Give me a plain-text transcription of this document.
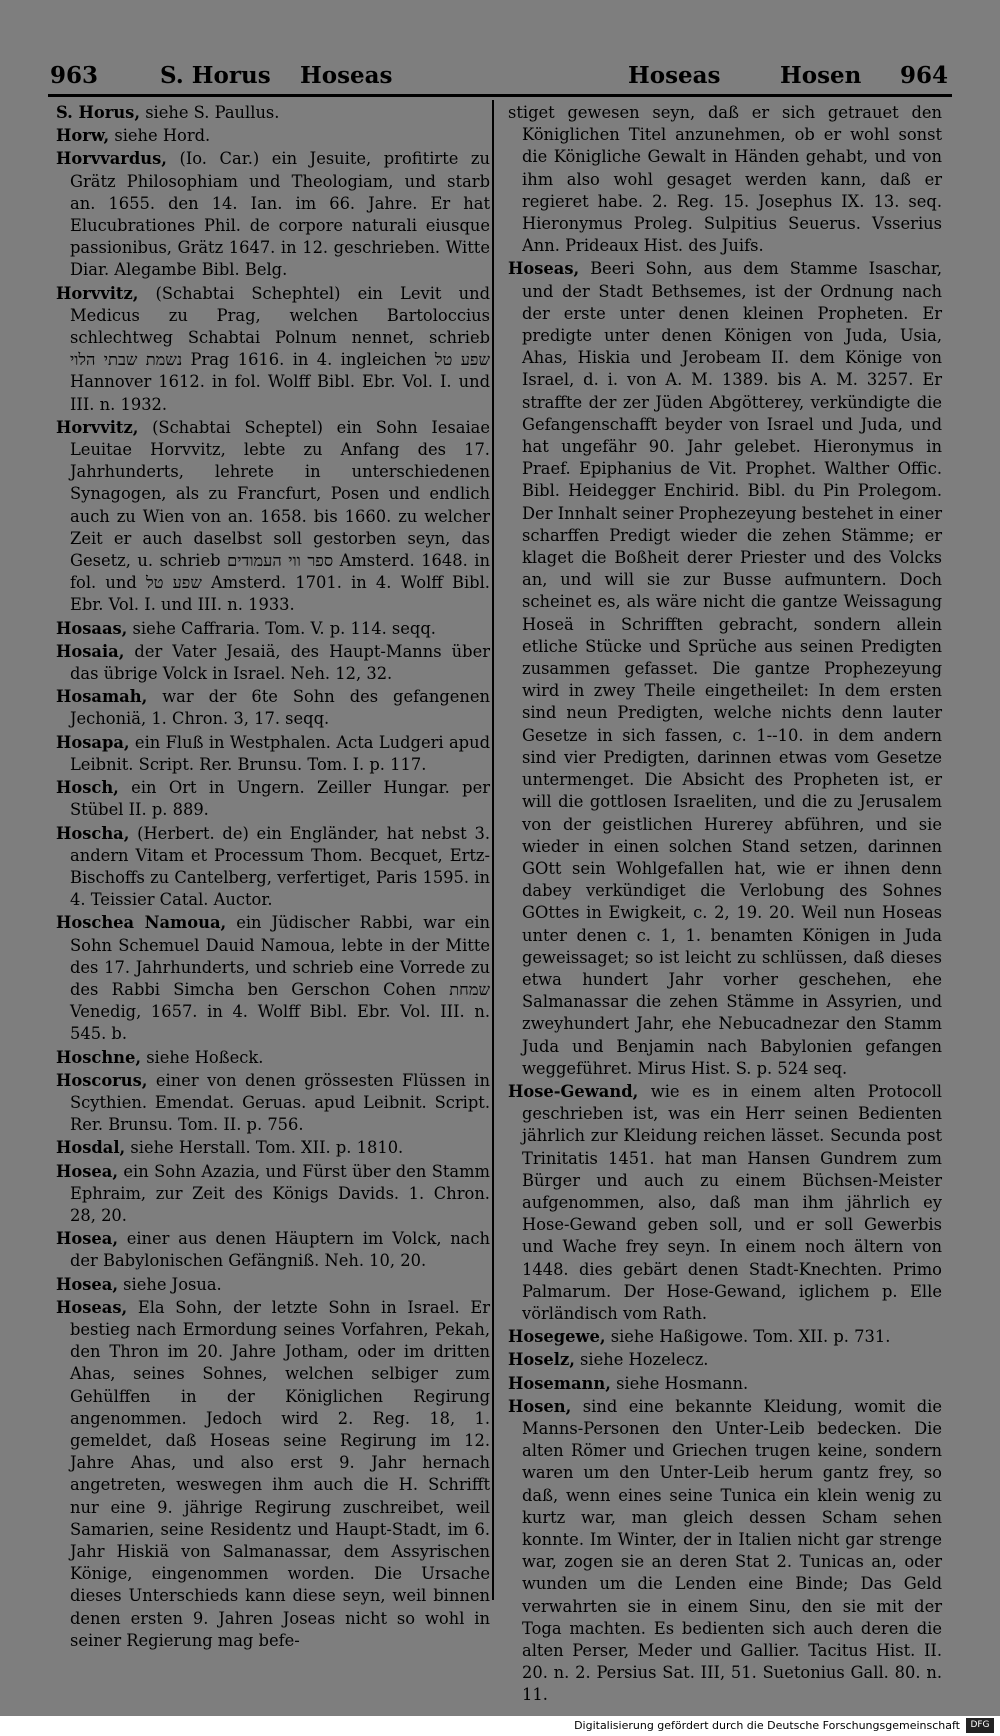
963	S. Horus Hoseas	Hoseas	Hosen 964

S. Horus, siehe S. Paullus.

Horw, siehe Hord.

Horvvardus, (Io. Car.) ein Jesuite, profitirte zu Grätz Philosophiam und Theologiam, und starb an. 1655. den 14. Ian. im 66. Jahre. Er hat Elucubrationes Phil. de corpore naturali eiusque passionibus, Grätz 1647. in 12. geschrieben. Witte Diar. Alegambe Bibl. Belg.

Horvvitz, (Schabtai Schephtel) ein Levit und Medicus zu Prag, welchen Bartoloccius schlechtweg Schabtai Polnum nennet, schrieb נשמת שבתי הלוי Prag 1616. in 4. ingleichen שפע טל Hannover 1612. in fol. Wolff Bibl. Ebr. Vol. I. und III. n. 1932.

Horvvitz, (Schabtai Scheptel) ein Sohn Iesaiae Leuitae Horvvitz, lebte zu Anfang des 17. Jahrhunderts, lehrete in unterschiedenen Synagogen, als zu Francfurt, Posen und endlich auch zu Wien von an. 1658. bis 1660. zu welcher Zeit er auch daselbst soll gestorben seyn, das Gesetz, u. schrieb ספר ווי העמודים Amsterd. 1648. in fol. und שפע טל Amsterd. 1701. in 4. Wolff Bibl. Ebr. Vol. I. und III. n. 1933.

Hosaas, siehe Caffraria. Tom. V. p. 114. seqq.

Hosaia, der Vater Jesaiä, des Haupt-Manns über das übrige Volck in Israel. Neh. 12, 32.

Hosamah, war der 6te Sohn des gefangenen Jechoniä, 1. Chron. 3, 17. seqq.

Hosapa, ein Fluß in Westphalen. Acta Ludgeri apud Leibnit. Script. Rer. Brunsu. Tom. I. p. 117.

Hosch, ein Ort in Ungern. Zeiller Hungar. per Stübel II. p. 889.

Hoscha, (Herbert. de) ein Engländer, hat nebst 3. andern Vitam et Processum Thom. Becquet, Ertz-Bischoffs zu Cantelberg, verfertiget, Paris 1595. in 4. Teissier Catal. Auctor.

Hoschea Namoua, ein Jüdischer Rabbi, war ein Sohn Schemuel Dauid Namoua, lebte in der Mitte des 17. Jahrhunderts, und schrieb eine Vorrede zu des Rabbi Simcha ben Gerschon Cohen שמחת Venedig, 1657. in 4. Wolff Bibl. Ebr. Vol. III. n. 545. b.

Hoschne, siehe Hoßeck.

Hoscorus, einer von denen grössesten Flüssen in Scythien. Emendat. Geruas. apud Leibnit. Script. Rer. Brunsu. Tom. II. p. 756.

Hosdal, siehe Herstall. Tom. XII. p. 1810.

Hosea, ein Sohn Azazia, und Fürst über den Stamm Ephraim, zur Zeit des Königs Davids. 1. Chron. 28, 20.

Hosea, einer aus denen Häuptern im Volck, nach der Babylonischen Gefängniß. Neh. 10, 20.

Hosea, siehe Josua.

Hoseas, Ela Sohn, der letzte Sohn in Israel. Er bestieg nach Ermordung seines Vorfahren, Pekah, den Thron im 20. Jahre Jotham, oder im dritten Ahas, seines Sohnes, welchen selbiger zum Gehülffen in der Königlichen Regirung angenommen. Jedoch wird 2. Reg. 18, 1. gemeldet, daß Hoseas seine Regirung im 12. Jahre Ahas, und also erst 9. Jahr hernach angetreten, weswegen ihm auch die H. Schrifft nur eine 9. jährige Regirung zuschreibet, weil Samarien, seine Residentz und Haupt-Stadt, im 6. Jahr Hiskiä von Salmanassar, dem Assyrischen Könige, eingenommen worden. Die Ursache dieses Unterschieds kann diese seyn, weil binnen denen ersten 9. Jahren Joseas nicht so wohl in seiner Regierung mag befe-

stiget gewesen seyn, daß er sich getrauet den Königlichen Titel anzunehmen, ob er wohl sonst die Königliche Gewalt in Händen gehabt, und von ihm also wohl gesaget werden kann, daß er regieret habe. 2. Reg. 15. Josephus IX. 13. seq. Hieronymus Proleg. Sulpitius Seuerus. Vsserius Ann. Prideaux Hist. des Juifs.

Hoseas, Beeri Sohn, aus dem Stamme Isaschar, und der Stadt Bethsemes, ist der Ordnung nach der erste unter denen kleinen Propheten. Er predigte unter denen Königen von Juda, Usia, Ahas, Hiskia und Jerobeam II. dem Könige von Israel, d. i. von A. M. 1389. bis A. M. 3257. Er straffte der zer Jüden Abgötterey, verkündigte die Gefangenschafft beyder von Israel und Juda, und hat ungefähr 90. Jahr gelebet. Hieronymus in Praef. Epiphanius de Vit. Prophet. Walther Offic. Bibl. Heidegger Enchirid. Bibl. du Pin Prolegom. Der Innhalt seiner Prophezeyung bestehet in einer scharffen Predigt wieder die zehen Stämme; er klaget die Boßheit derer Priester und des Volcks an, und will sie zur Busse aufmuntern. Doch scheinet es, als wäre nicht die gantze Weissagung Hoseä in Schrifften gebracht, sondern allein etliche Stücke und Sprüche aus seinen Predigten zusammen gefasset. Die gantze Prophezeyung wird in zwey Theile eingetheilet: In dem ersten sind neun Predigten, welche nichts denn lauter Gesetze in sich fassen, c. 1--10. in dem andern sind vier Predigten, darinnen etwas vom Gesetze untermenget. Die Absicht des Propheten ist, er will die gottlosen Israeliten, und die zu Jerusalem von der geistlichen Hurerey abführen, und sie wieder in einen solchen Stand setzen, darinnen GOtt sein Wohlgefallen hat, wie er ihnen denn dabey verkündiget die Verlobung des Sohnes GOttes in Ewigkeit, c. 2, 19. 20. Weil nun Hoseas unter denen c. 1, 1. benamten Königen in Juda geweissaget; so ist leicht zu schlüssen, daß dieses etwa hundert Jahr vorher geschehen, ehe Salmanassar die zehen Stämme in Assyrien, und zweyhundert Jahr, ehe Nebucadnezar den Stamm Juda und Benjamin nach Babylonien gefangen weggeführet. Mirus Hist. S. p. 524 seq.

Hose-Gewand, wie es in einem alten Protocoll geschrieben ist, was ein Herr seinen Bedienten jährlich zur Kleidung reichen lässet. Secunda post Trinitatis 1451. hat man Hansen Gundrem zum Bürger und auch zu einem Büchsen-Meister aufgenommen, also, daß man ihm jährlich ey Hose-Gewand geben soll, und er soll Gewerbis und Wache frey seyn. In einem noch ältern von 1448. dies gebärt denen Stadt-Knechten. Primo Palmarum. Der Hose-Gewand, iglichem p. Elle vörländisch vom Rath.

Hosegewe, siehe Haßigowe. Tom. XII. p. 731.

Hoselz, siehe Hozelecz.

Hosemann, siehe Hosmann.

Hosen, sind eine bekannte Kleidung, womit die Manns-Personen den Unter-Leib bedecken. Die alten Römer und Griechen trugen keine, sondern waren um den Unter-Leib herum gantz frey, so daß, wenn eines seine Tunica ein klein wenig zu kurtz war, man gleich dessen Scham sehen konnte. Im Winter, der in Italien nicht gar strenge war, zogen sie an deren Stat 2. Tunicas an, oder wunden um die Lenden eine Binde; Das Geld verwahrten sie in einem Sinu, den sie mit der Toga machten. Es bedienten sich auch deren die alten Perser, Meder und Gallier. Tacitus Hist. II. 20. n. 2. Persius Sat. III, 51. Suetonius Gall. 80. n. 11.

Digitalisierung gefördert durch die Deutsche Forschungsgemeinschaft	DFG
